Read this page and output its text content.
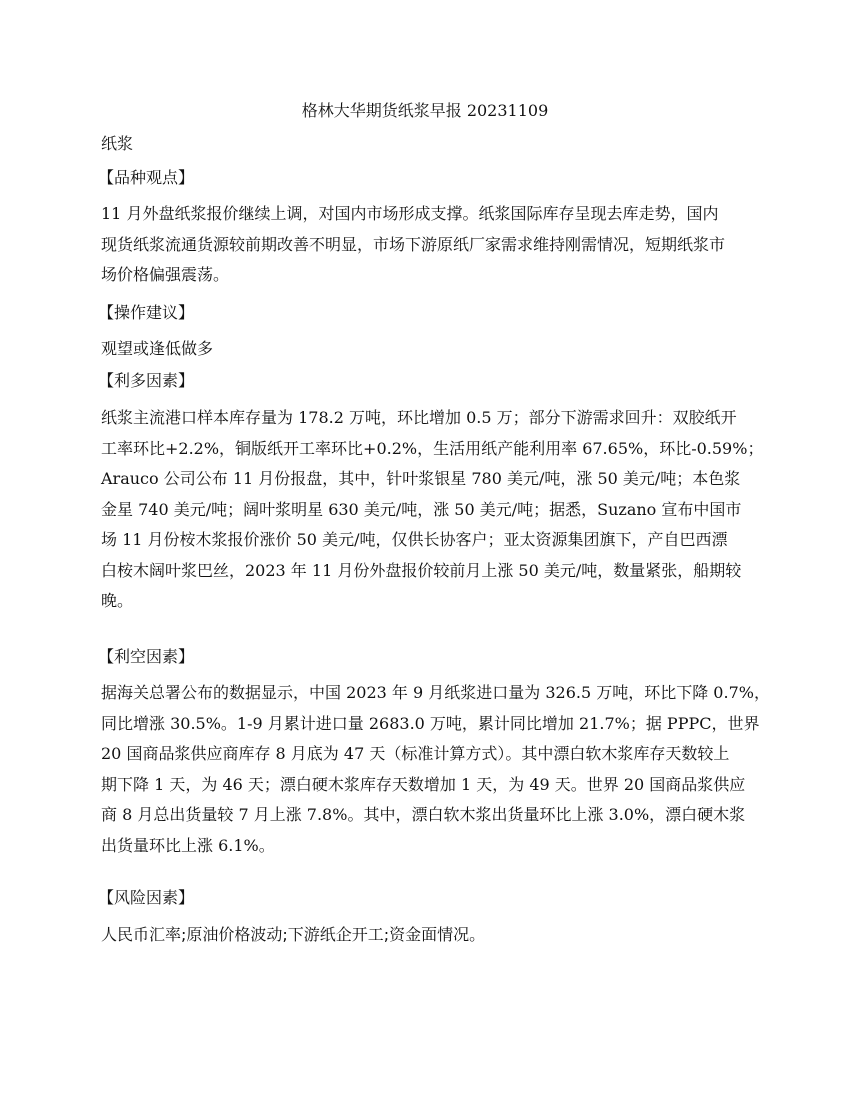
格林大华期货纸浆早报 20231109
纸浆
【品种观点】
11 月外盘纸浆报价继续上调，对国内市场形成支撑。纸浆国际库存呈现去库走势，国内
现货纸浆流通货源较前期改善不明显，市场下游原纸厂家需求维持刚需情况，短期纸浆市
场价格偏强震荡。
【操作建议】
观望或逢低做多
【利多因素】
纸浆主流港口样本库存量为 178.2 万吨，环比增加 0.5 万；部分下游需求回升：双胶纸开
工率环比+2.2%，铜版纸开工率环比+0.2%，生活用纸产能利用率 67.65%，环比-0.59%；
Arauco 公司公布 11 月份报盘，其中，针叶浆银星 780 美元/吨，涨 50 美元/吨；本色浆
金星 740 美元/吨；阔叶浆明星 630 美元/吨，涨 50 美元/吨；据悉，Suzano 宣布中国市
场 11 月份桉木浆报价涨价 50 美元/吨，仅供长协客户；亚太资源集团旗下，产自巴西漂
白桉木阔叶浆巴丝，2023 年 11 月份外盘报价较前月上涨 50 美元/吨，数量紧张，船期较
晚。
【利空因素】
据海关总署公布的数据显示，中国 2023 年 9 月纸浆进口量为 326.5 万吨，环比下降 0.7%，
同比增涨 30.5%。1-9 月累计进口量 2683.0 万吨，累计同比增加 21.7%；据 PPPC，世界
20 国商品浆供应商库存 8 月底为 47 天（标准计算方式）。其中漂白软木浆库存天数较上
期下降 1 天，为 46 天；漂白硬木浆库存天数增加 1 天，为 49 天。世界 20 国商品浆供应
商 8 月总出货量较 7 月上涨 7.8%。其中，漂白软木浆出货量环比上涨 3.0%，漂白硬木浆
出货量环比上涨 6.1%。
【风险因素】
人民币汇率;原油价格波动;下游纸企开工;资金面情况。
